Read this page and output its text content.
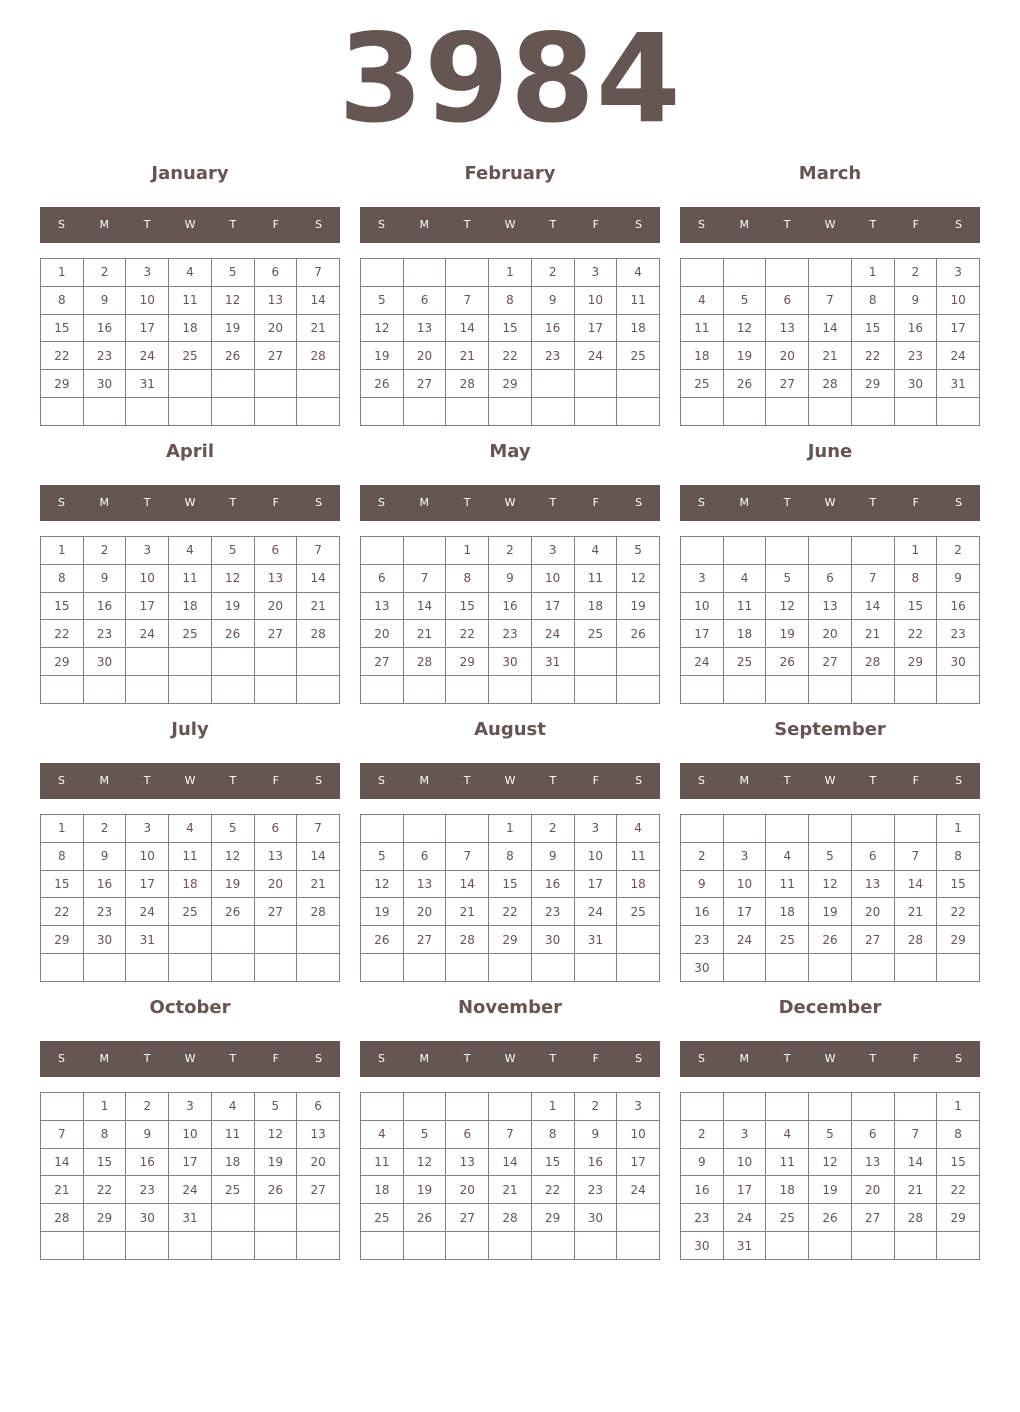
3984
January
S	M	T	W	T	F	S
1	2	3	4	5	6	7
8	9	10	11	12	13	14
15	16	17	18	19	20	21
22	23	24	25	26	27	28
29	30	31				

February
S	M	T	W	T	F	S
			1	2	3	4
5	6	7	8	9	10	11
12	13	14	15	16	17	18
19	20	21	22	23	24	25
26	27	28	29			

March
S	M	T	W	T	F	S
				1	2	3
4	5	6	7	8	9	10
11	12	13	14	15	16	17
18	19	20	21	22	23	24
25	26	27	28	29	30	31

April
S	M	T	W	T	F	S
1	2	3	4	5	6	7
8	9	10	11	12	13	14
15	16	17	18	19	20	21
22	23	24	25	26	27	28
29	30					

May
S	M	T	W	T	F	S
		1	2	3	4	5
6	7	8	9	10	11	12
13	14	15	16	17	18	19
20	21	22	23	24	25	26
27	28	29	30	31		

June
S	M	T	W	T	F	S
					1	2
3	4	5	6	7	8	9
10	11	12	13	14	15	16
17	18	19	20	21	22	23
24	25	26	27	28	29	30

July
S	M	T	W	T	F	S
1	2	3	4	5	6	7
8	9	10	11	12	13	14
15	16	17	18	19	20	21
22	23	24	25	26	27	28
29	30	31				

August
S	M	T	W	T	F	S
			1	2	3	4
5	6	7	8	9	10	11
12	13	14	15	16	17	18
19	20	21	22	23	24	25
26	27	28	29	30	31	

September
S	M	T	W	T	F	S
						1
2	3	4	5	6	7	8
9	10	11	12	13	14	15
16	17	18	19	20	21	22
23	24	25	26	27	28	29
30						
October
S	M	T	W	T	F	S
	1	2	3	4	5	6
7	8	9	10	11	12	13
14	15	16	17	18	19	20
21	22	23	24	25	26	27
28	29	30	31			

November
S	M	T	W	T	F	S
				1	2	3
4	5	6	7	8	9	10
11	12	13	14	15	16	17
18	19	20	21	22	23	24
25	26	27	28	29	30	

December
S	M	T	W	T	F	S
						1
2	3	4	5	6	7	8
9	10	11	12	13	14	15
16	17	18	19	20	21	22
23	24	25	26	27	28	29
30	31					
